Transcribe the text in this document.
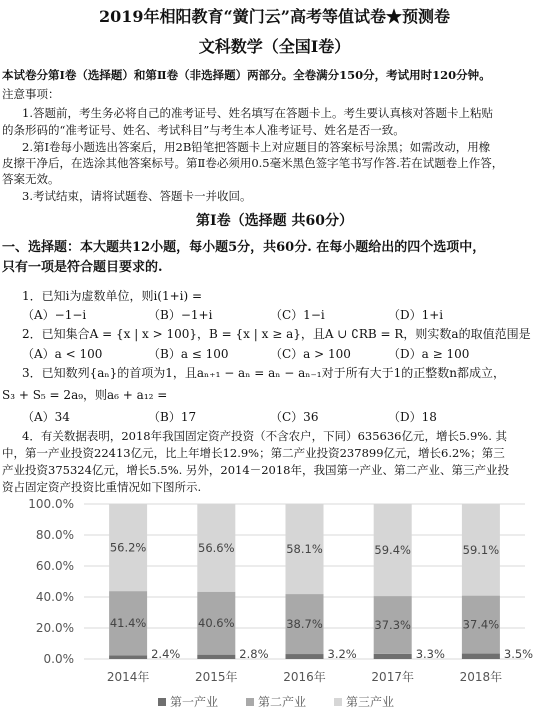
2019年相阳教育“黉门云”高考等值试卷★预测卷
文科数学（全国Ⅰ卷）
本试卷分第Ⅰ卷（选择题）和第Ⅱ卷（非选择题）两部分。全卷满分150分，考试用时120分钟。
注意事项：
1.答题前，考生务必将自己的准考证号、姓名填写在答题卡上。考生要认真核对答题卡上粘贴
的条形码的“准考证号、姓名、考试科目”与考生本人准考证号、姓名是否一致。
2.第Ⅰ卷每小题选出答案后，用2B铅笔把答题卡上对应题目的答案标号涂黑；如需改动，用橡
皮擦干净后，在选涂其他答案标号。第Ⅱ卷必须用0.5毫米黑色签字笔书写作答.若在试题卷上作答，
答案无效。
3.考试结束，请将试题卷、答题卡一并收回。
第Ⅰ卷（选择题 共60分）
一、选择题：本大题共12小题，每小题5分，共60分. 在每小题给出的四个选项中，
只有一项是符合题目要求的.
1．已知i为虚数单位，则i(1+i) =
（A）−1−i	（B）−1+i	（C）1−i	（D）1+i
2．已知集合A = {x | x > 100}，B = {x | x ≥ a}，且A ∪ ∁RB = R，则实数a的取值范围是
（A）a < 100	（B）a ≤ 100	（C）a > 100	（D）a ≥ 100
3．已知数列{aₙ}的首项为1，且aₙ₊₁ − aₙ = aₙ − aₙ₋₁对于所有大于1的正整数n都成立，
S₃ + S₅ = 2a₉，则a₆ + a₁₂ =
（A）34	（B）17	（C）36	（D）18
4．有关数据表明，2018年我国固定资产投资（不含农户，下同）635636亿元，增长5.9%. 其
中，第一产业投资22413亿元，比上年增长12.9%；第二产业投资237899亿元，增长6.2%；第三
产业投资375324亿元，增长5.5%. 另外，2014－2018年，我国第一产业、第二产业、第三产业投
资占固定资产投资比重情况如下图所示.
0.0%
20.0%
40.0%
60.0%
80.0%
100.0%
2.4%
41.4%
56.2%
2014年
2.8%
40.6%
56.6%
2015年
3.2%
38.7%
58.1%
2016年
3.3%
37.3%
59.4%
2017年
3.5%
37.4%
59.1%
2018年
第一产业	第二产业	第三产业
